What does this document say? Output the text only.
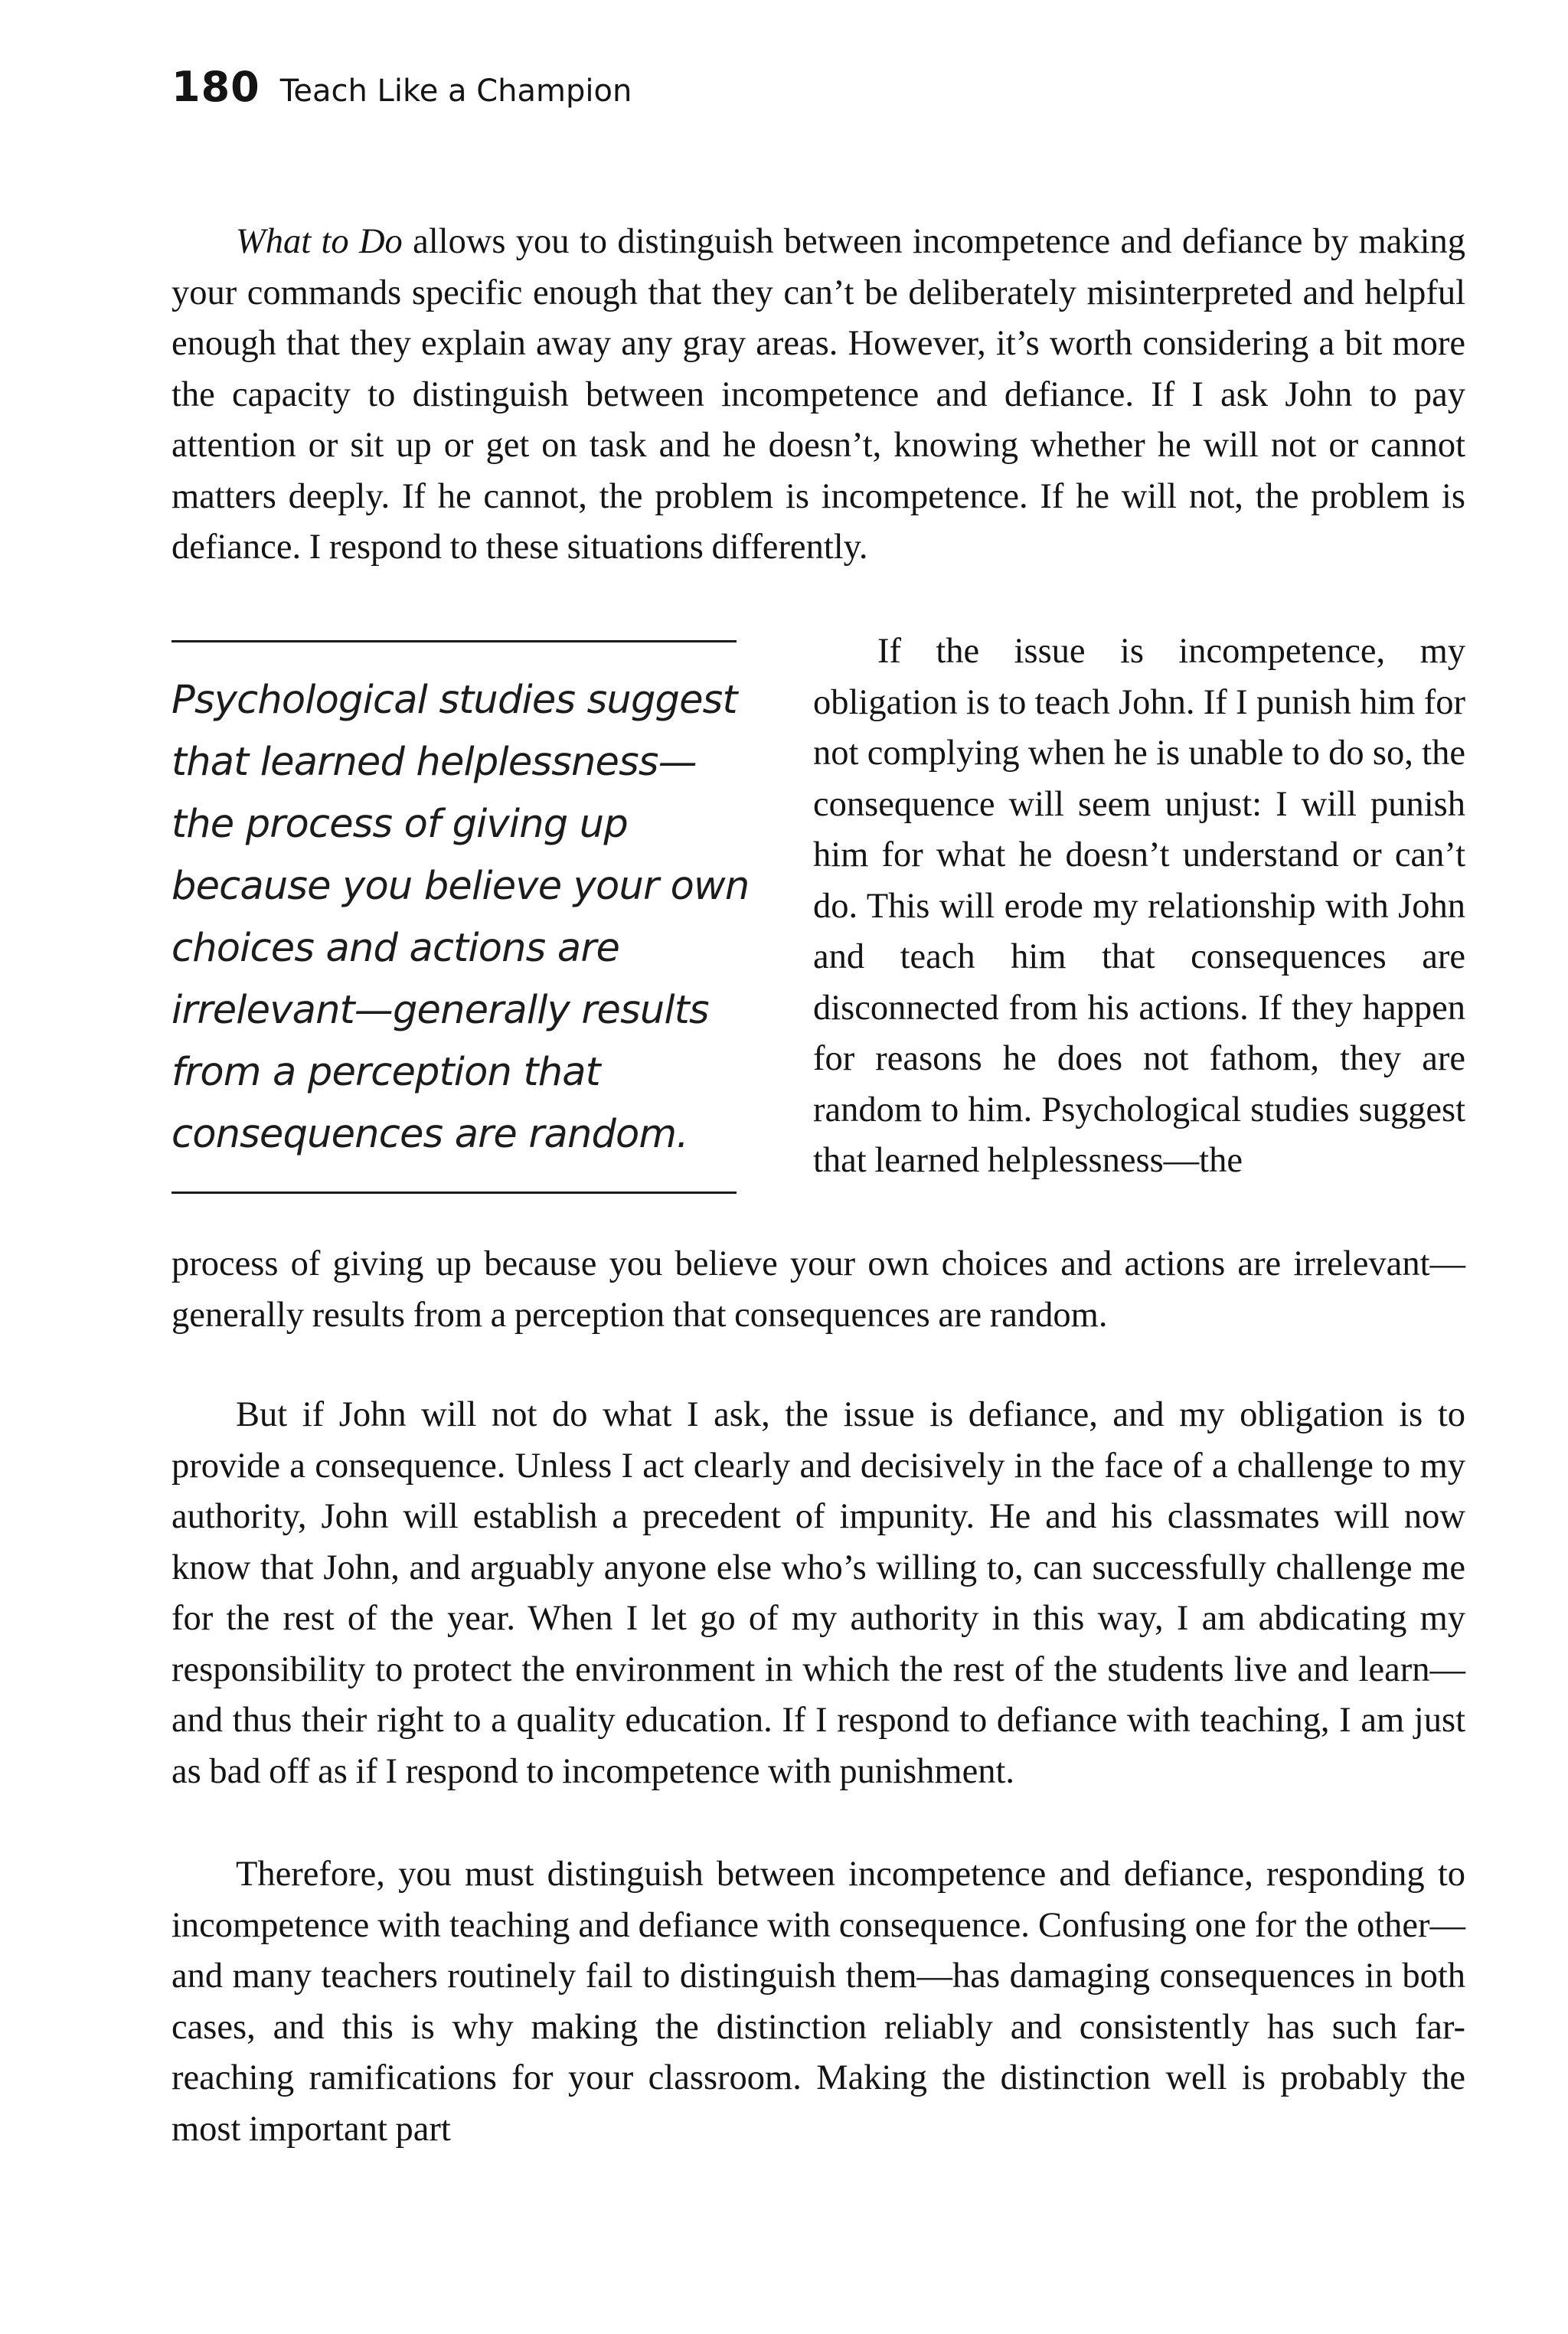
180 Teach Like a Champion

What to Do allows you to distinguish between incompetence and defiance by making your commands specific enough that they can’t be deliberately misinterpreted and helpful enough that they explain away any gray areas. However, it’s worth considering a bit more the capacity to distinguish between incompetence and defiance. If I ask John to pay attention or sit up or get on task and he doesn’t, knowing whether he will not or cannot matters deeply. If he cannot, the problem is incompetence. If he will not, the problem is defiance. I respond to these situations differently.

Psychological studies suggest
that learned helplessness—
the process of giving up
because you believe your own
choices and actions are
irrelevant—generally results
from a perception that
consequences are random.

If the issue is incompetence, my obligation is to teach John. If I punish him for not complying when he is unable to do so, the consequence will seem unjust: I will punish him for what he doesn’t understand or can’t do. This will erode my relationship with John and teach him that consequences are disconnected from his actions. If they happen for reasons he does not fathom, they are random to him. Psychological studies suggest that learned helplessness—the

process of giving up because you believe your own choices and actions are irrelevant—generally results from a perception that consequences are random.

But if John will not do what I ask, the issue is defiance, and my obligation is to provide a consequence. Unless I act clearly and decisively in the face of a challenge to my authority, John will establish a precedent of impunity. He and his classmates will now know that John, and arguably anyone else who’s willing to, can successfully challenge me for the rest of the year. When I let go of my authority in this way, I am abdicating my responsibility to protect the environment in which the rest of the students live and learn—and thus their right to a quality education. If I respond to defiance with teaching, I am just as bad off as if I respond to incompetence with punishment.

Therefore, you must distinguish between incompetence and defiance, responding to incompetence with teaching and defiance with consequence. Confusing one for the other—and many teachers routinely fail to distinguish them—has damaging consequences in both cases, and this is why making the distinction reliably and consistently has such far-reaching ramifications for your classroom. Making the distinction well is probably the most important part
